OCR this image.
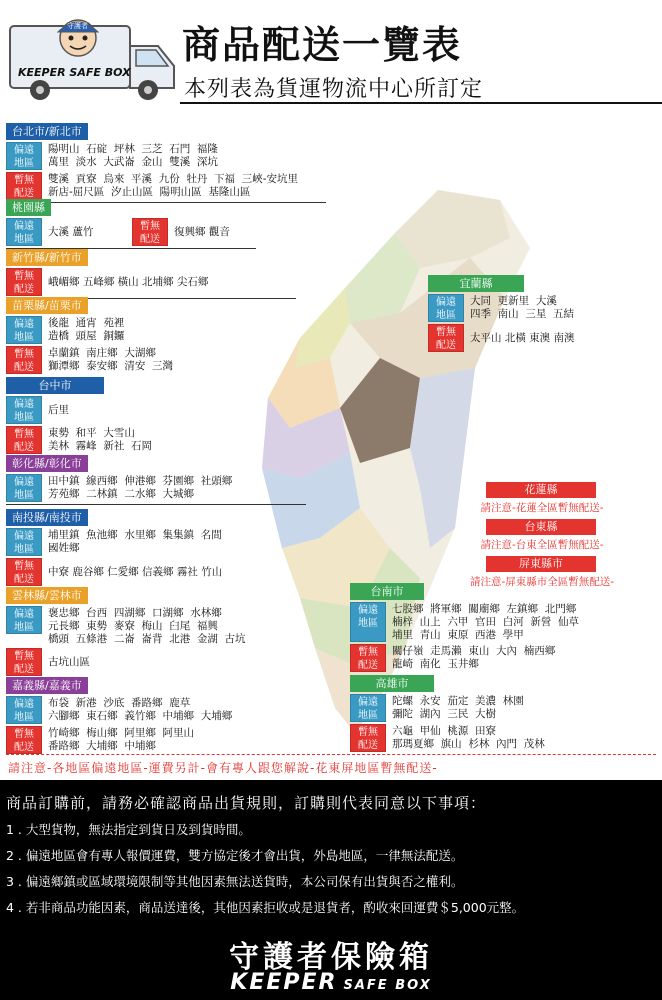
守護者
KEEPER SAFE BOX
商品配送一覽表
本列表為貨運物流中心所訂定
台北市/新北市
偏遠
地區
陽明山  石碇  坪林  三芝  石門  福隆
萬里  淡水  大武崙  金山  雙溪  深坑
暫無
配送
雙溪  貢寮  烏來  平溪  九份  牡丹  下福  三峽-安坑里
新店-屈尺區  汐止山區  陽明山區  基隆山區
桃園縣
偏遠
地區
大溪 蘆竹	暫無
配送
復興鄉 觀音
新竹縣/新竹市
暫無
配送
峨嵋鄉 五峰鄉 橫山 北埔鄉 尖石鄉
苗栗縣/苗栗市
偏遠
地區
後龍  通宵  苑裡
造橋  頭屋  銅鑼
暫無
配送
卓蘭鎮  南庄鄉  大湖鄉
獅潭鄉  泰安鄉  清安  三灣
台中市
偏遠
地區
后里
暫無
配送
東勢  和平  大雪山
美林  霧峰  新社  石岡
彰化縣/彰化市
偏遠
地區
田中鎮  線西鄉  伸港鄉  芬園鄉  社頭鄉
芳苑鄉  二林鎮  二水鄉  大城鄉
南投縣/南投市
偏遠
地區
埔里鎮  魚池鄉  水里鄉  集集鎮  名間
國姓鄉
暫無
配送
中寮 鹿谷鄉 仁愛鄉 信義鄉 霧社 竹山
雲林縣/雲林市
偏遠
地區
褒忠鄉  台西  四湖鄉  口湖鄉  水林鄉
元長鄉  東勢  麥寮  梅山  臼尾  福興
橋頭  五條港  二崙  崙背  北港  金湖  古坑
暫無
配送
古坑山區
嘉義縣/嘉義市
偏遠
地區
布袋  新港  沙底  番路鄉  鹿草
六腳鄉  東石鄉  義竹鄉  中埔鄉  大埔鄉
暫無
配送
竹崎鄉  梅山鄉  阿里鄉  阿里山
番路鄉  大埔鄉  中埔鄉
宜蘭縣
偏遠
地區
大同  更新里  大溪
四季  南山  三星  五結
暫無
配送
太平山 北橫 東澳 南澳
花蓮縣
請注意-花蓮全區暫無配送-
台東縣
請注意-台東全區暫無配送-
屏東縣市
請注意-屏東縣市全區暫無配送-
台南市
偏遠
地區
七股鄉  將軍鄉  關廟鄉  左鎮鄉  北門鄉
楠梓  山上  六甲  官田  白河  新營  仙草
埔里  青山  東原  西港  學甲
暫無
配送
關仔嶺  走馬瀨  東山  大內  楠西鄉
龍崎  南化  玉井鄉
高雄市
偏遠
地區
陀螺  永安  茄定  美濃  林園
彌陀  湖內  三民  大樹
暫無
配送
六龜  甲仙  桃源  田寮
那瑪夏鄉  旗山  杉林  內門  茂林
請注意-各地區偏遠地區-運費另計-會有專人跟您解說-花東屏地區暫無配送-
商品訂購前，請務必確認商品出貨規則，訂購則代表同意以下事項：
1 . 大型貨物，無法指定到貨日及到貨時間。
2 . 偏遠地區會有專人報價運費，雙方協定後才會出貨，外島地區，一律無法配送。
3 . 偏遠鄉鎮或區域環境限制等其他因素無法送貨時，本公司保有出貨與否之權利。
4 . 若非商品功能因素，商品送達後，其他因素拒收或是退貨者，酌收來回運費＄5,000元整。
守護者保險箱
KEEPER SAFE BOX
